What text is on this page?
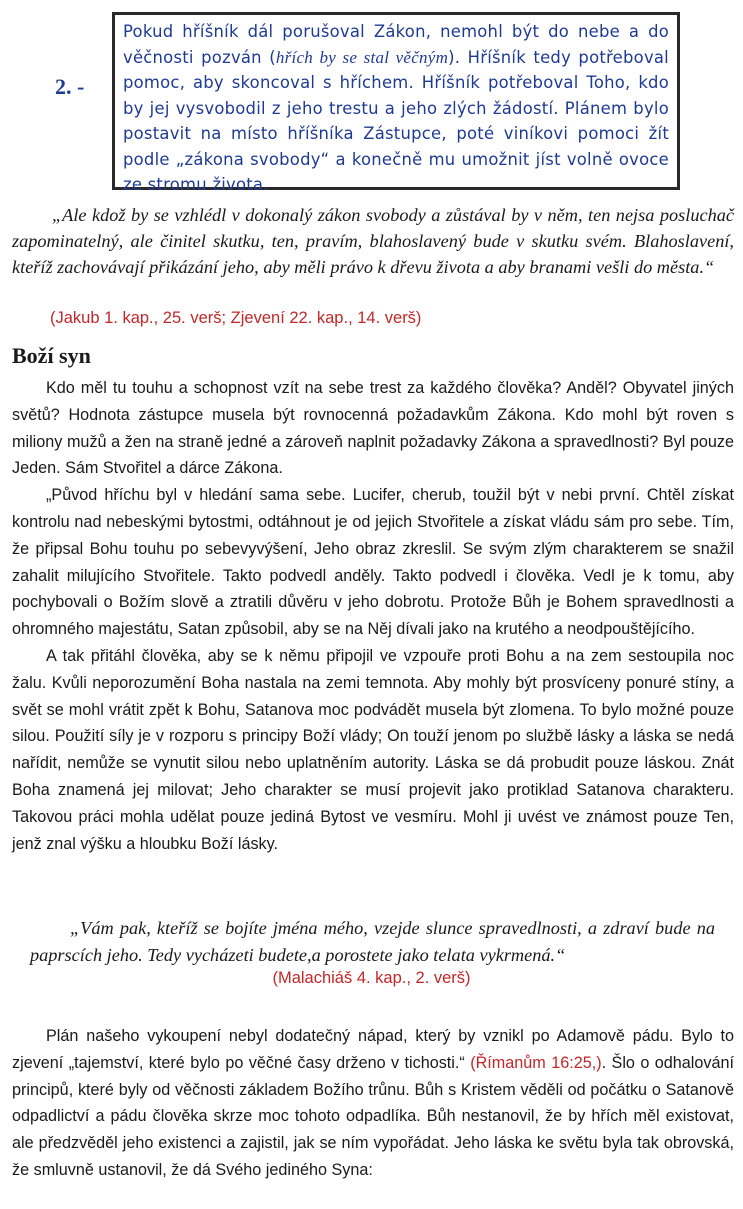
2. -
Pokud hříšník dál porušoval Zákon, nemohl být do nebe a do věčnosti pozván (hřích by se stal věčným). Hříšník tedy potřeboval pomoc, aby skoncoval s hříchem. Hříšník potřeboval Toho, kdo by jej vysvobodil z jeho trestu a jeho zlých žádostí. Plánem bylo postavit na místo hříšníka Zástupce, poté viníkovi pomoci žít podle „zákona svobody“ a konečně mu umožnit jíst volně ovoce ze stromu života.
„Ale kdož by se vzhlédl v dokonalý zákon svobody a zůstával by v něm, ten nejsa posluchač zapominatelný, ale činitel skutku, ten, pravím, blahoslavený bude v skutku svém. Blahoslavení, kteříž zachovávají přikázání jeho, aby měli právo k dřevu života a aby branami vešli do města.“
(Jakub 1. kap., 25. verš; Zjevení 22. kap., 14. verš)
Boží syn

Kdo měl tu touhu a schopnost vzít na sebe trest za každého člověka? Anděl? Obyvatel jiných světů? Hodnota zástupce musela být rovnocenná požadavkům Zákona. Kdo mohl být roven s miliony mužů a žen na straně jedné a zároveň naplnit požadavky Zákona a spravedlnosti? Byl pouze Jeden. Sám Stvořitel a dárce Zákona.

„Původ hříchu byl v hledání sama sebe. Lucifer, cherub, toužil být v nebi první. Chtěl získat kontrolu nad nebeskými bytostmi, odtáhnout je od jejich Stvořitele a získat vládu sám pro sebe. Tím, že připsal Bohu touhu po sebevyvýšení, Jeho obraz zkreslil. Se svým zlým charakterem se snažil zahalit milujícího Stvořitele. Takto podvedl anděly. Takto podvedl i člověka. Vedl je k tomu, aby pochybovali o Božím slově a ztratili důvěru v jeho dobrotu. Protože Bůh je Bohem spravedlnosti a ohromného majestátu, Satan způsobil, aby se na Něj dívali jako na krutého a neodpouštějícího.

A tak přitáhl člověka, aby se k němu připojil ve vzpouře proti Bohu a na zem sestoupila noc žalu. Kvůli neporozumění Boha nastala na zemi temnota. Aby mohly být prosvíceny ponuré stíny, a svět se mohl vrátit zpět k Bohu, Satanova moc podvádět musela být zlomena. To bylo možné pouze silou. Použití síly je v rozporu s principy Boží vlády; On touží jenom po službě lásky a láska se nedá nařídit, nemůže se vynutit silou nebo uplatněním autority. Láska se dá probudit pouze láskou. Znát Boha znamená jej milovat; Jeho charakter se musí projevit jako protiklad Satanova charakteru. Takovou práci mohla udělat pouze jediná Bytost ve vesmíru. Mohl ji uvést ve známost pouze Ten, jenž znal výšku a hloubku Boží lásky.

„Vám pak, kteříž se bojíte jména mého, vzejde slunce spravedlnosti, a zdraví bude na paprscích jeho. Tedy vycházeti budete,a porostete jako telata vykrmená.“
(Malachiáš 4. kap., 2. verš)

Plán našeho vykoupení nebyl dodatečný nápad, který by vznikl po Adamově pádu. Bylo to zjevení „tajemství, které bylo po věčné časy drženo v tichosti.“ (Římanům 16:25,). Šlo o odhalování principů, které byly od věčnosti základem Božího trůnu. Bůh s Kristem věděli od počátku o Satanově odpadlictví a pádu člověka skrze moc tohoto odpadlíka. Bůh nestanovil, že by hřích měl existovat, ale předzvěděl jeho existenci a zajistil, jak se ním vypořádat. Jeho láska ke světu byla tak obrovská, že smluvně ustanovil, že dá Svého jediného Syna:
